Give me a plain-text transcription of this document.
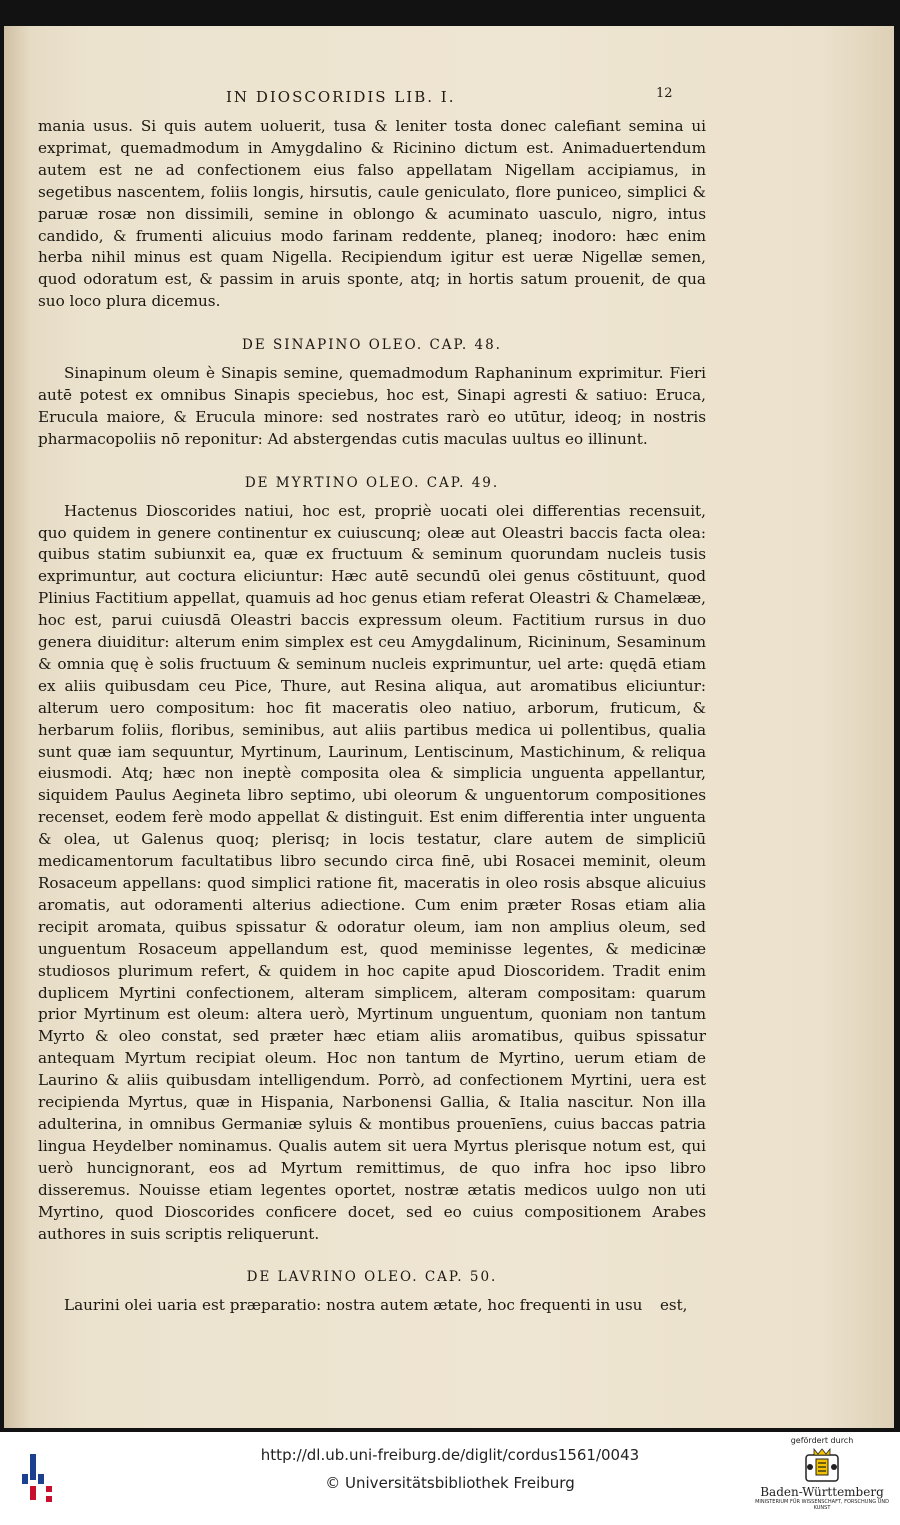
IN DIOSCORIDIS LIB. I.	12

mania usus. Si quis autem uoluerit, tusa & leniter tosta donec calefiant semina ui exprimat, quemadmodum in Amygdalino & Ricinino dictum est. Animaduertendum autem est ne ad confectionem eius falso appellatam Nigellam accipiamus, in segetibus nascentem, foliis longis, hirsutis, caule geniculato, flore puniceo, simplici & paruæ rosæ non dissimili, semine in oblongo & acuminato uasculo, nigro, intus candido, & frumenti alicuius modo farinam reddente, planeq; inodoro: hæc enim herba nihil minus est quam Nigella. Recipiendum igitur est ueræ Nigellæ semen, quod odoratum est, & passim in aruis sponte, atq; in hortis satum prouenit, de qua suo loco plura dicemus.

DE SINAPINO OLEO. CAP. 48.

Sinapinum oleum è Sinapis semine, quemadmodum Raphaninum exprimitur. Fieri autē potest ex omnibus Sinapis speciebus, hoc est, Sinapi agresti & satiuo: Eruca, Erucula maiore, & Erucula minore: sed nostrates rarò eo utūtur, ideoq; in nostris pharmacopoliis nō reponitur: Ad abstergendas cutis maculas uultus eo illinunt.

DE MYRTINO OLEO. CAP. 49.

Hactenus Dioscorides natiui, hoc est, propriè uocati olei differentias recensuit, quo quidem in genere continentur ex cuiuscunq; oleæ aut Oleastri baccis facta olea: quibus statim subiunxit ea, quæ ex fructuum & seminum quorundam nucleis tusis exprimuntur, aut coctura eliciuntur: Hæc autē secundū olei genus cōstituunt, quod Plinius Factitium appellat, quamuis ad hoc genus etiam referat Oleastri & Chamelææ, hoc est, parui cuiusdā Oleastri baccis expressum oleum. Factitium rursus in duo genera diuiditur: alterum enim simplex est ceu Amygdalinum, Ricininum, Sesaminum & omnia quę è solis fructuum & seminum nucleis exprimuntur, uel arte: quędā etiam ex aliis quibusdam ceu Pice, Thure, aut Resina aliqua, aut aromatibus eliciuntur: alterum uero compositum: hoc fit maceratis oleo natiuo, arborum, fruticum, & herbarum foliis, floribus, seminibus, aut aliis partibus medica ui pollentibus, qualia sunt quæ iam sequuntur, Myrtinum, Laurinum, Lentiscinum, Mastichinum, & reliqua eiusmodi. Atq; hæc non ineptè composita olea & simplicia unguenta appellantur, siquidem Paulus Aegineta libro septimo, ubi oleorum & unguentorum compositiones recenset, eodem ferè modo appellat & distinguit. Est enim differentia inter unguenta & olea, ut Galenus quoq; plerisq; in locis testatur, clare autem de simpliciū medicamentorum facultatibus libro secundo circa finē, ubi Rosacei meminit, oleum Rosaceum appellans: quod simplici ratione fit, maceratis in oleo rosis absque alicuius aromatis, aut odoramenti alterius adiectione. Cum enim præter Rosas etiam alia recipit aromata, quibus spissatur & odoratur oleum, iam non amplius oleum, sed unguentum Rosaceum appellandum est, quod meminisse legentes, & medicinæ studiosos plurimum refert, & quidem in hoc capite apud Dioscoridem. Tradit enim duplicem Myrtini confectionem, alteram simplicem, alteram compositam: quarum prior Myrtinum est oleum: altera uerò, Myrtinum unguentum, quoniam non tantum Myrto & oleo constat, sed præter hæc etiam aliis aromatibus, quibus spissatur antequam Myrtum recipiat oleum. Hoc non tantum de Myrtino, uerum etiam de Laurino & aliis quibusdam intelligendum. Porrò, ad confectionem Myrtini, uera est recipienda Myrtus, quæ in Hispania, Narbonensi Gallia, & Italia nascitur. Non illa adulterina, in omnibus Germaniæ syluis & montibus prouenīens, cuius baccas patria lingua Heydelber nominamus. Qualis autem sit uera Myrtus plerisque notum est, qui uerò huncignorant, eos ad Myrtum remittimus, de quo infra hoc ipso libro disseremus. Nouisse etiam legentes oportet, nostræ ætatis medicos uulgo non uti Myrtino, quod Dioscorides conficere docet, sed eo cuius compositionem Arabes authores in suis scriptis reliquerunt.

DE LAVRINO OLEO. CAP. 50.

Laurini olei uaria est præparatio: nostra autem ætate, hoc frequenti in usu	est,
http://dl.ub.uni-freiburg.de/diglit/cordus1561/0043
© Universitätsbibliothek Freiburg
gefördert durch
Baden-Württemberg
MINISTERIUM FÜR WISSENSCHAFT, FORSCHUNG UND KUNST
